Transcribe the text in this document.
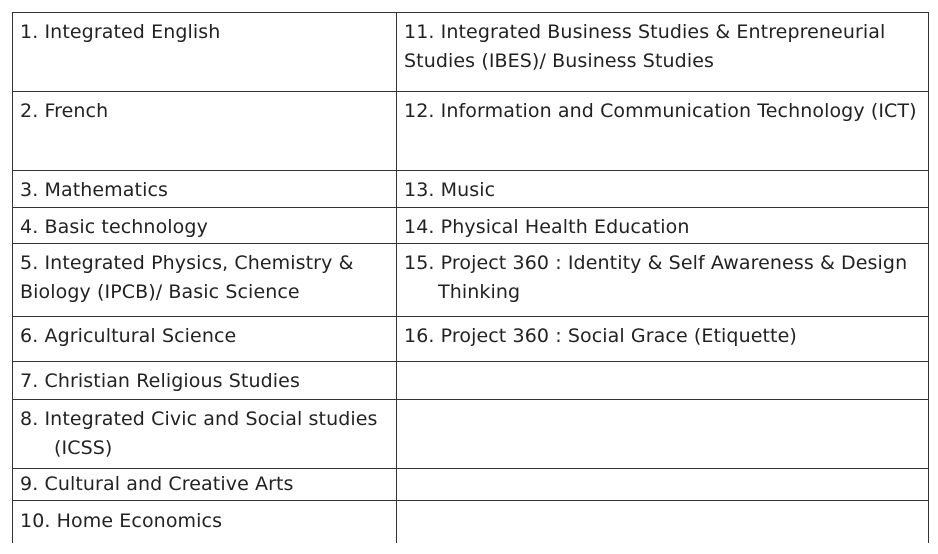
1. Integrated English	11. Integrated Business Studies & Entrepreneurial Studies (IBES)/ Business Studies

2. French	12. Information and Communication Technology (ICT)

3. Mathematics	13. Music

4. Basic technology	14. Physical Health Education

5. Integrated Physics, Chemistry & Biology (IPCB)/ Basic Science	15. Project 360 : Identity & Self Awareness & Design Thinking

6. Agricultural Science	16. Project 360 : Social Grace (Etiquette)

7. Christian Religious Studies	

8. Integrated Civic and Social studies (ICSS)	

9. Cultural and Creative Arts	

10. Home Economics	
